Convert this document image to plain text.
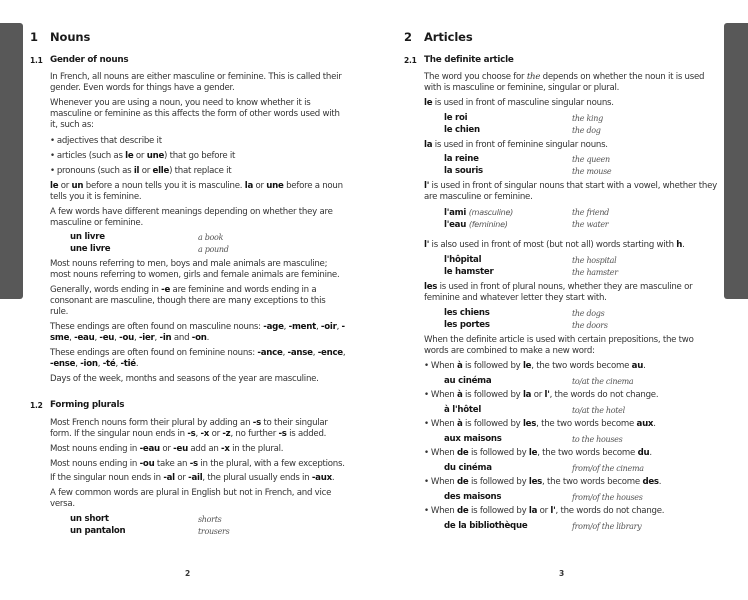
1	Nouns
1.1 Gender of nouns
In French, all nouns are either masculine or feminine. This is called their gender. Even words for things have a gender.
Whenever you are using a noun, you need to know whether it is masculine or feminine as this affects the form of other words used with it, such as:
• adjectives that describe it
• articles (such as le or une) that go before it
• pronouns (such as il or elle) that replace it
le or un before a noun tells you it is masculine. la or une before a noun tells you it is feminine.
A few words have different meanings depending on whether they are masculine or feminine.
un livre	a book
une livre	a pound
Most nouns referring to men, boys and male animals are masculine; most nouns referring to women, girls and female animals are feminine.
Generally, words ending in -e are feminine and words ending in a consonant are masculine, though there are many exceptions to this rule.
These endings are often found on masculine nouns: -age, -ment, -oir, -sme, -eau, -eu, -ou, -ier, -in and -on.
These endings are often found on feminine nouns: -ance, -anse, -ence, -ense, -ion, -té, -tié.
Days of the week, months and seasons of the year are masculine.
1.2 Forming plurals
Most French nouns form their plural by adding an -s to their singular form. If the singular noun ends in -s, -x or -z, no further -s is added.
Most nouns ending in -eau or -eu add an -x in the plural.
Most nouns ending in -ou take an -s in the plural, with a few exceptions.
If the singular noun ends in -al or -ail, the plural usually ends in -aux.
A few common words are plural in English but not in French, and vice versa.
un short	shorts
un pantalon	trousers
2
2	Articles
2.1 The definite article
The word you choose for the depends on whether the noun it is used with is masculine or feminine, singular or plural.
le is used in front of masculine singular nouns.
le roi	the king
le chien	the dog
la is used in front of feminine singular nouns.
la reine	the queen
la souris	the mouse
l' is used in front of singular nouns that start with a vowel, whether they are masculine or feminine.
l'ami (masculine)	the friend
l'eau (feminine)	the water
l' is also used in front of most (but not all) words starting with h.
l'hôpital	the hospital
le hamster	the hamster
les is used in front of plural nouns, whether they are masculine or feminine and whatever letter they start with.
les chiens	the dogs
les portes	the doors
When the definite article is used with certain prepositions, the two words are combined to make a new word:
• When à is followed by le, the two words become au.
au cinéma	to/at the cinema
• When à is followed by la or l', the words do not change.
à l'hôtel	to/at the hotel
• When à is followed by les, the two words become aux.
aux maisons	to the houses
• When de is followed by le, the two words become du.
du cinéma	from/of the cinema
• When de is followed by les, the two words become des.
des maisons	from/of the houses
• When de is followed by la or l', the words do not change.
de la bibliothèque	from/of the library
3
